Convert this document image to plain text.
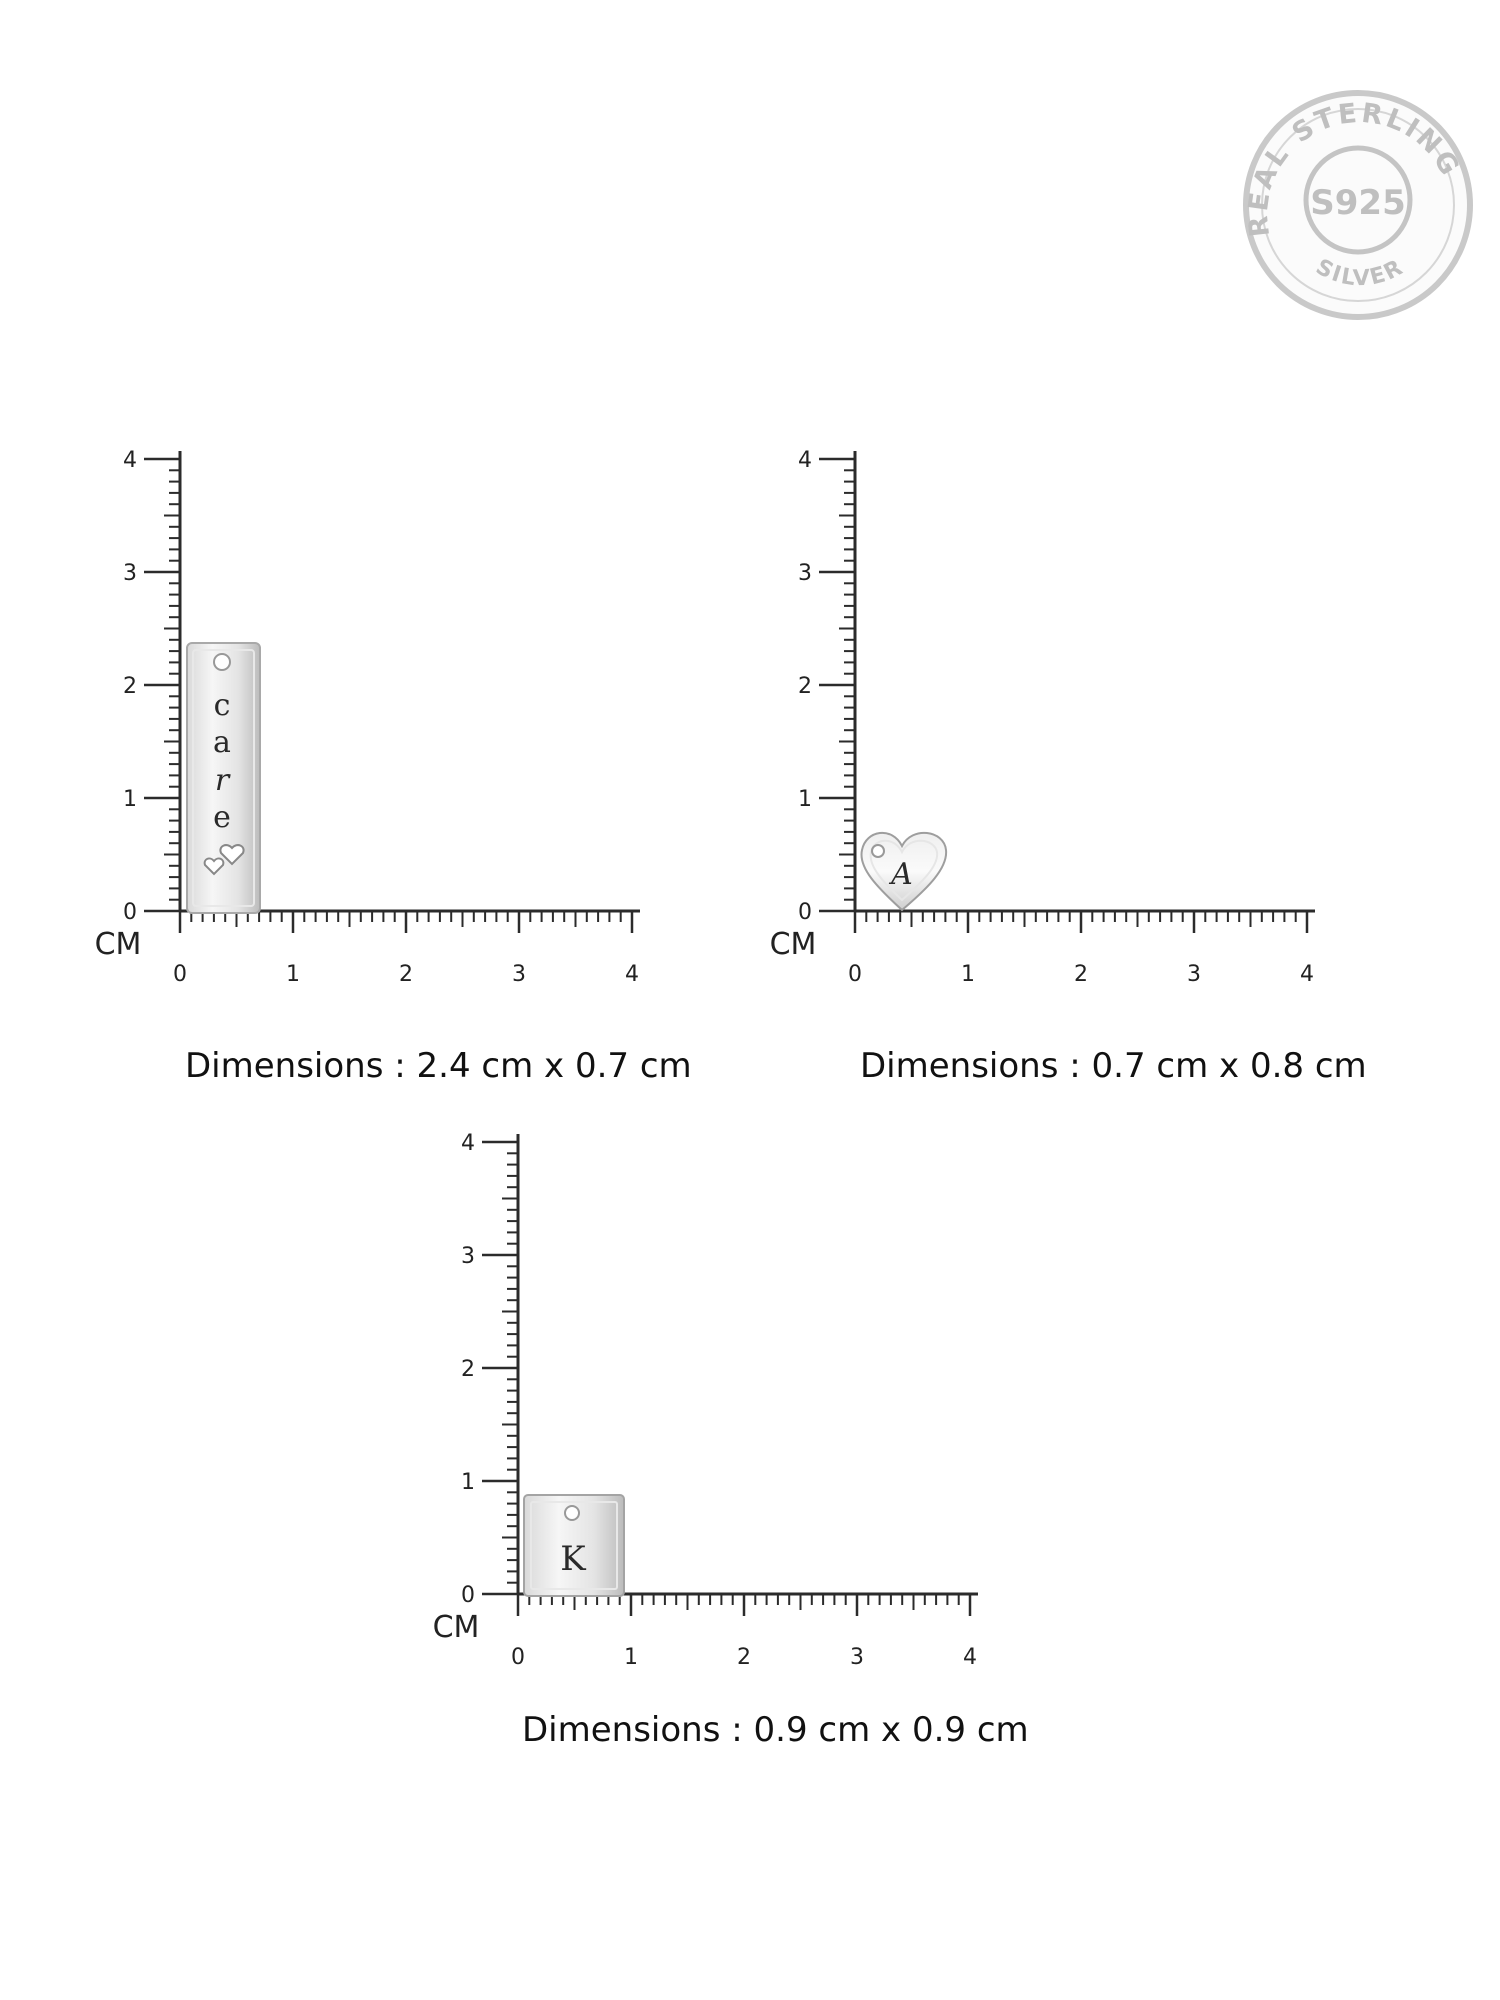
REAL STERLING
SILVER
S925
0	1	2	3	4
0
1
2
3
4
CM
c
a
r
e
Dimensions : 2.4 cm x 0.7 cm
0	1	2	3	4
0
1
2
3
4
CM
A
Dimensions : 0.7 cm x 0.8 cm
0	1	2	3	4
0
1
2
3
4
CM
K
Dimensions : 0.9 cm x 0.9 cm
